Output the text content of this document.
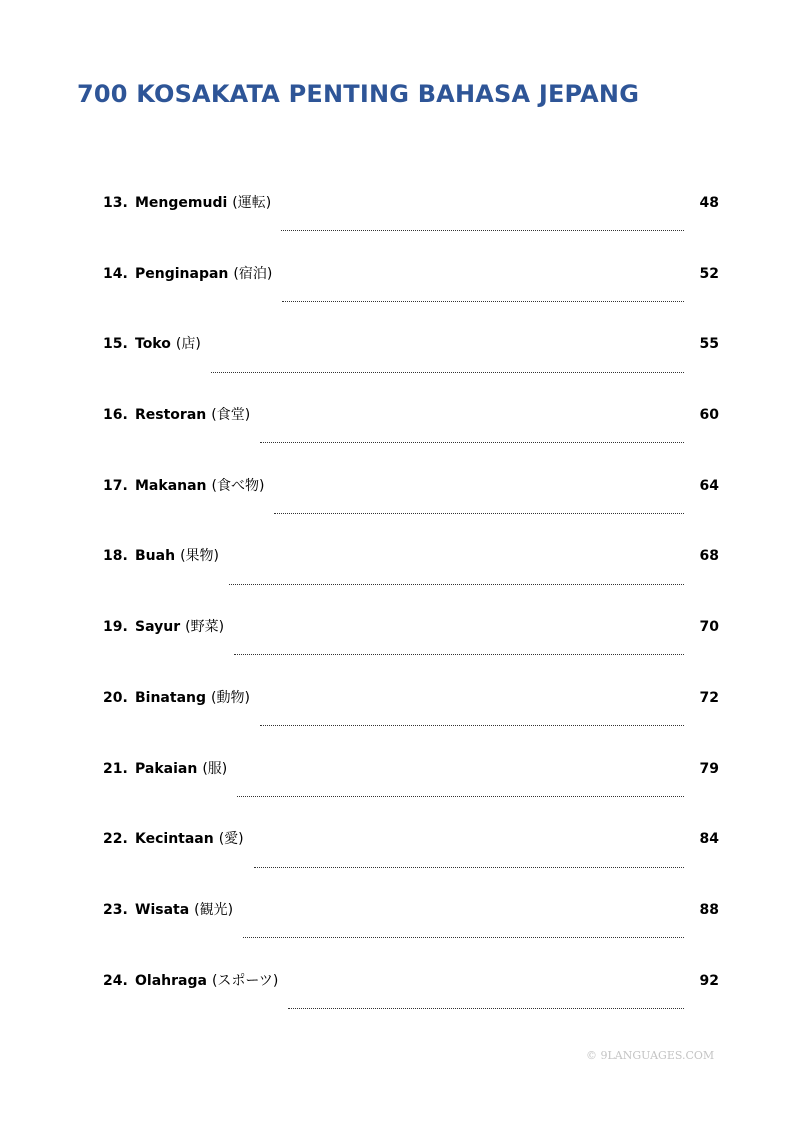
700 KOSAKATA PENTING BAHASA JEPANG
13. Mengemudi (運転)	48
14. Penginapan (宿泊)	52
15. Toko (店)	55
16. Restoran (食堂)	60
17. Makanan (食べ物)	64
18. Buah (果物)	68
19. Sayur (野菜)	70
20. Binatang (動物)	72
21. Pakaian (服)	79
22. Kecintaan (愛)	84
23. Wisata (観光)	88
24. Olahraga (スポーツ)	92
© 9LANGUAGES.COM
